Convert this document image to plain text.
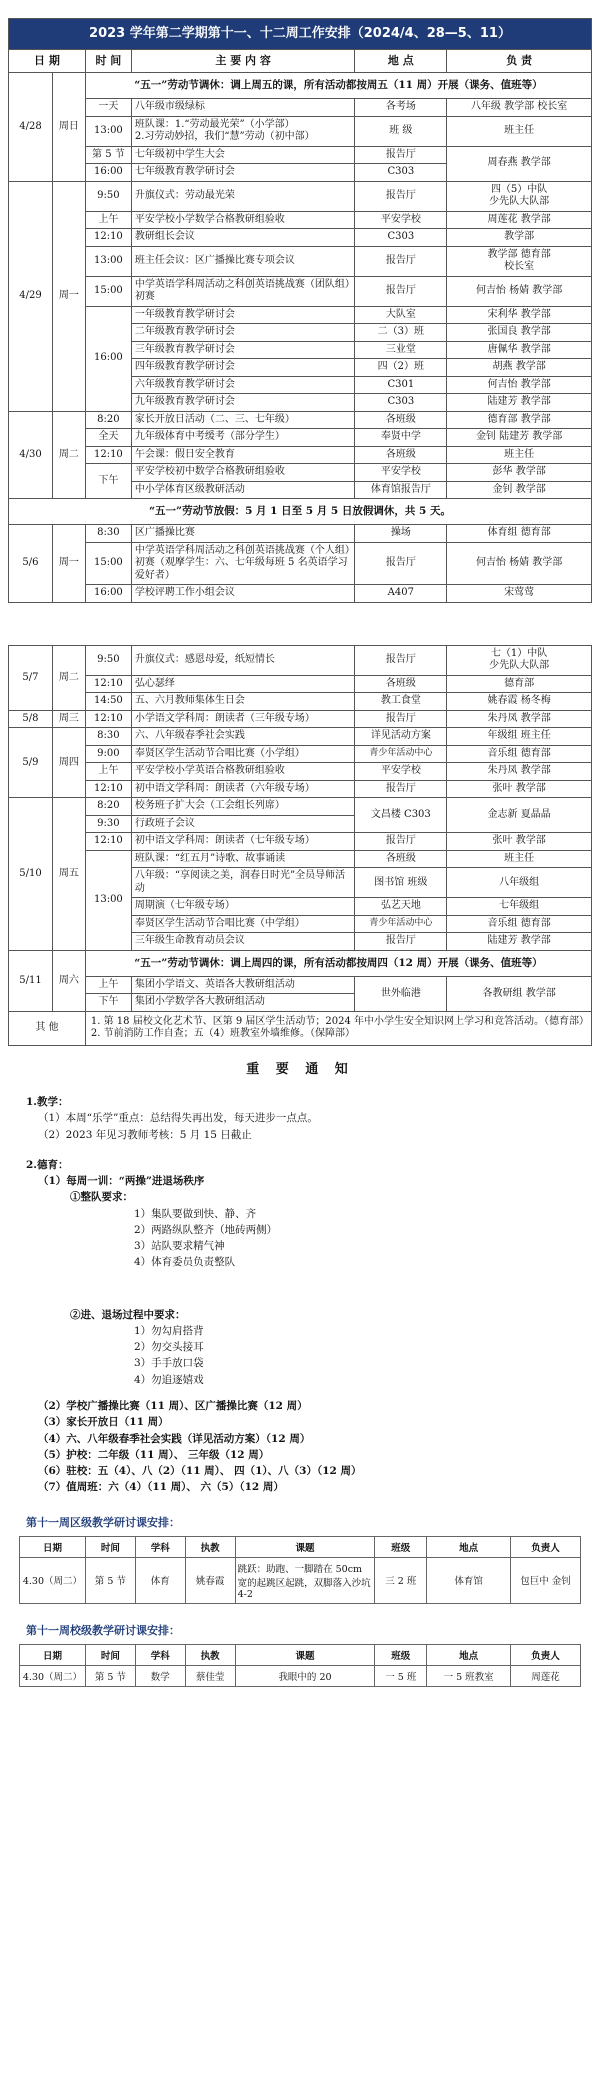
2023 学年第二学期第十一、十二周工作安排（2024/4、28—5、11）					
日 期		时 间	主 要 内 容	地 点	负 责
4/28	周日	“五一”劳动节调休：调上周五的课，所有活动都按周五（11 周）开展（课务、值班等）			
		一天	八年级市级绿标	各考场	八年级 教学部 校长室
		13:00	班队课：1.“劳动最光荣”（小学部）
2.习劳动妙招，我们“慧”劳动（初中部）	班 级	班主任
		第 5 节	七年级初中学生大会	报告厅	周春燕 教学部
		16:00	七年级教育教学研讨会	C303	
4/29	周一	9:50	升旗仪式：劳动最光荣	报告厅	四（5）中队
少先队大队部
		上午	平安学校小学数学合格教研组验收	平安学校	周莲花 教学部
		12:10	教研组长会议	C303	教学部
		13:00	班主任会议：区广播操比赛专项会议	报告厅	教学部 德育部
校长室
		15:00	中学英语学科周活动之科创英语挑战赛（团队组）初赛	报告厅	何吉怡 杨婧 教学部
		16:00	一年级教育教学研讨会	大队室	宋利华 教学部
			二年级教育教学研讨会	二（3）班	张国良 教学部
			三年级教育教学研讨会	三业堂	唐佩华 教学部
			四年级教育教学研讨会	四（2）班	胡燕 教学部
			六年级教育教学研讨会	C301	何吉怡 教学部
			九年级教育教学研讨会	C303	陆建芳 教学部
4/30	周二	8:20	家长开放日活动（二、三、七年级）	各班级	德育部 教学部
		全天	九年级体育中考缓考（部分学生）	奉贤中学	金钊 陆建芳 教学部
		12:10	午会课：假日安全教育	各班级	班主任
		下午	平安学校初中数学合格教研组验收	平安学校	彭华 教学部
			中小学体育区级教研活动	体育馆报告厅	金钊 教学部
“五一”劳动节放假：5 月 1 日至 5 月 5 日放假调休，共 5 天。					
5/6	周一	8:30	区广播操比赛	操场	体育组 德育部
		15:00	中学英语学科周活动之科创英语挑战赛（个人组）初赛（观摩学生：六、七年级每班 5 名英语学习爱好者）	报告厅	何吉怡 杨婧 教学部
		16:00	学校评聘工作小组会议	A407	宋莺莺

5/7	周二	9:50	升旗仪式：感恩母爱，纸短情长	报告厅	七（1）中队
少先队大队部
		12:10	弘心瑟绎	各班级	德育部
		14:50	五、六月教师集体生日会	教工食堂	姚春霞 杨冬梅
5/8	周三	12:10	小学语文学科周：朗读者（三年级专场）	报告厅	朱丹凤 教学部
5/9	周四	8:30	六、八年级春季社会实践	详见活动方案	年级组 班主任
		9:00	奉贤区学生活动节合唱比赛（小学组）	青少年活动中心	音乐组 德育部
		上午	平安学校小学英语合格教研组验收	平安学校	朱丹凤 教学部
		12:10	初中语文学科周：朗读者（六年级专场）	报告厅	张叶 教学部
5/10	周五	8:20	校务班子扩大会（工会组长列席）	文昌楼 C303	金志新 夏晶晶
		9:30	行政班子会议		
		12:10	初中语文学科周：朗读者（七年级专场）	报告厅	张叶 教学部
		13:00	班队课：“红五月”诗歌、故事诵读	各班级	班主任
			八年级：“享阅读之美，润春日时光”全员导师活动	图书馆 班级	八年级组
			周期演（七年级专场）	弘艺天地	七年级组
			奉贤区学生活动节合唱比赛（中学组）	青少年活动中心	音乐组 德育部
			三年级生命教育动员会议	报告厅	陆建芳 教学部
5/11	周六	“五一”劳动节调休：调上周四的课，所有活动都按周四（12 周）开展（课务、值班等）			
		上午	集团小学语文、英语各大教研组活动	世外临港	各教研组 教学部
		下午	集团小学数学各大教研组活动		
其 他		1. 第 18 届校文化艺术节、区第 9 届区学生活动节；2024 年中小学生安全知识网上学习和竞答活动。（德育部）
2. 节前消防工作自查；五（4）班教室外墙维修。（保障部）			
重 要 通 知

1.教学：

（1）本周“乐学”重点：总结得失再出发，每天进步一点点。

（2）2023 年见习教师考核：5 月 15 日截止

2.德育：

（1）每周一训：“两操”进退场秩序

①整队要求：

1）集队要做到快、静、齐

2）两路纵队整齐（地砖两侧）

3）站队要求精气神

4）体育委员负责整队

②进、退场过程中要求：

1）勿勾肩搭背

2）勿交头接耳

3）手手放口袋

4）勿追逐嬉戏

（2）学校广播操比赛（11 周）、区广播操比赛（12 周）

（3）家长开放日（11 周）

（4）六、八年级春季社会实践（详见活动方案）（12 周）

（5）护校：二年级（11 周）、 三年级（12 周）

（6）驻校：五（4）、八（2）（11 周）、 四（1）、八（3）（12 周）

（7）值周班：六（4）（11 周）、 六（5）（12 周）

第十一周区级教学研讨课安排：
日期	时间	学科	执教	课题	班级	地点	负责人
4.30（周二）	第 5 节	体育	姚春霞	跳跃：助跑、一脚踏在 50cm 宽的起跳区起跳，双脚落入沙坑 4-2	三 2 班	体育馆	包巨中 金钊
第十一周校级教学研讨课安排：
日期	时间	学科	执教	课题	班级	地点	负责人
4.30（周二）	第 5 节	数学	蔡佳莹	我眼中的 20	一 5 班	一 5 班教室	周莲花
